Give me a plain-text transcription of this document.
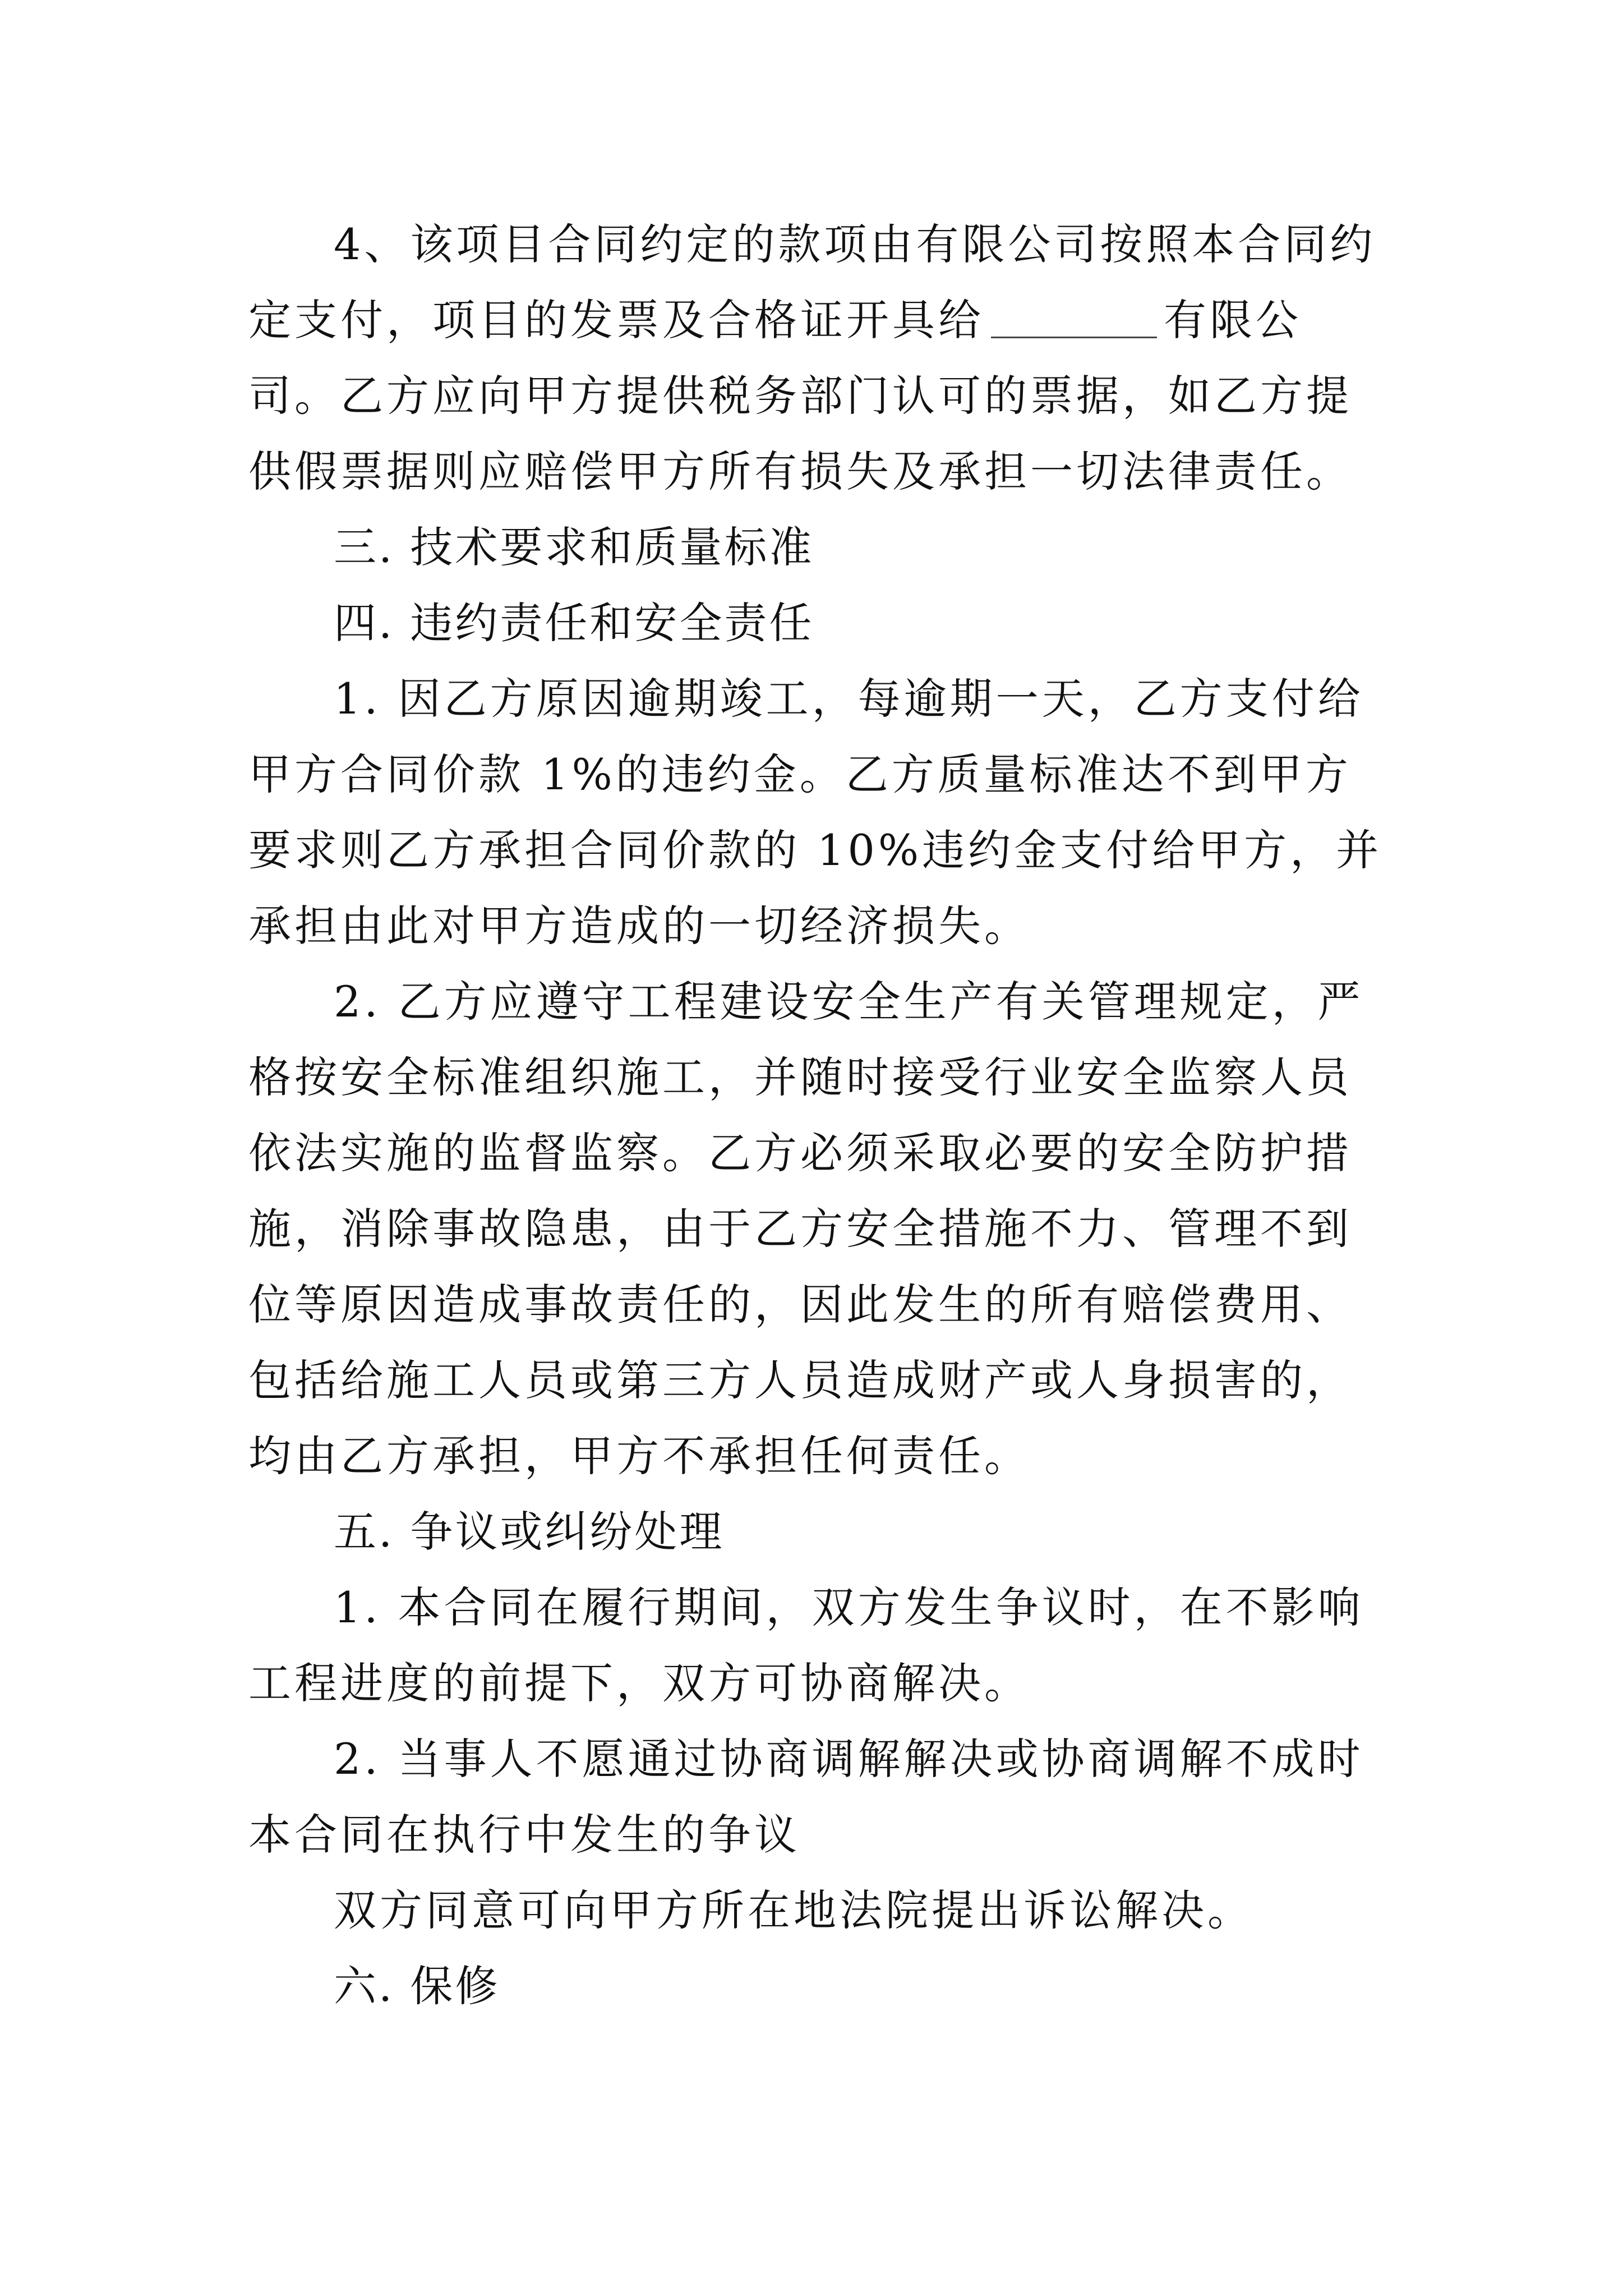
4、该项目合同约定的款项由有限公司按照本合同约定支付，项目的发票及合格证开具给	有限公司。乙方应向甲方提供税务部门认可的票据，如乙方提供假票据则应赔偿甲方所有损失及承担一切法律责任。

三. 技术要求和质量标准

四. 违约责任和安全责任

1. 因乙方原因逾期竣工，每逾期一天，乙方支付给甲方合同价款 1%的违约金。乙方质量标准达不到甲方要求则乙方承担合同价款的 10%违约金支付给甲方，并承担由此对甲方造成的一切经济损失。

2. 乙方应遵守工程建设安全生产有关管理规定，严格按安全标准组织施工，并随时接受行业安全监察人员依法实施的监督监察。乙方必须采取必要的安全防护措施，消除事故隐患，由于乙方安全措施不力、管理不到位等原因造成事故责任的，因此发生的所有赔偿费用、包括给施工人员或第三方人员造成财产或人身损害的，均由乙方承担，甲方不承担任何责任。

五. 争议或纠纷处理

1. 本合同在履行期间，双方发生争议时，在不影响工程进度的前提下，双方可协商解决。

2. 当事人不愿通过协商调解解决或协商调解不成时本合同在执行中发生的争议

双方同意可向甲方所在地法院提出诉讼解决。

六. 保修
